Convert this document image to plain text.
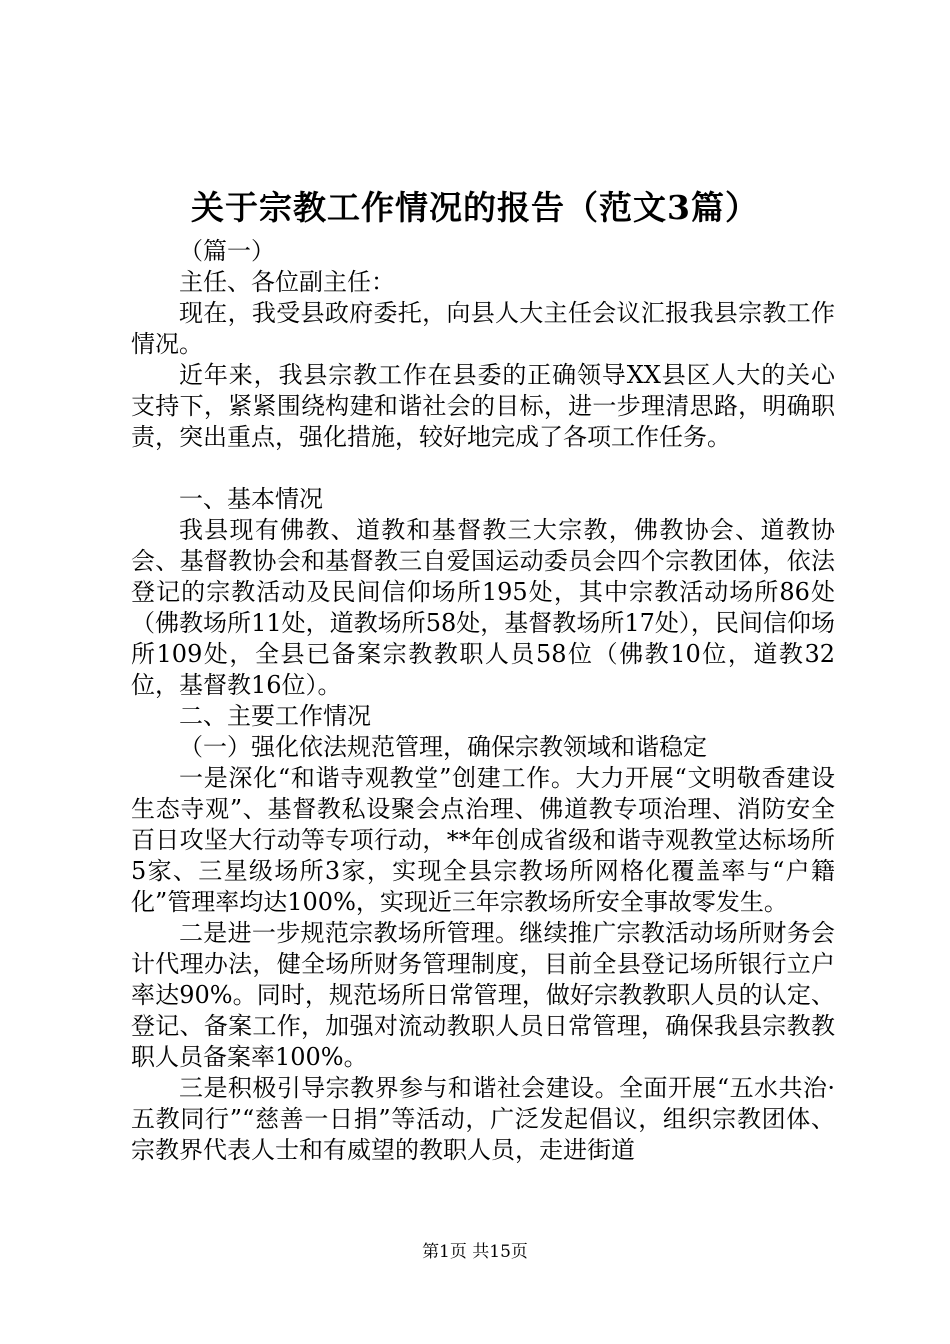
关于宗教工作情况的报告（范文3篇）

（篇一）

主任、各位副主任：

现在，我受县政府委托，向县人大主任会议汇报我县宗教工作情况。

近年来，我县宗教工作在县委的正确领导XX县区人大的关心支持下，紧紧围绕构建和谐社会的目标，进一步理清思路，明确职责，突出重点，强化措施，较好地完成了各项工作任务。

一、基本情况

我县现有佛教、道教和基督教三大宗教，佛教协会、道教协会、基督教协会和基督教三自爱国运动委员会四个宗教团体，依法登记的宗教活动及民间信仰场所195处，其中宗教活动场所86处（佛教场所11处，道教场所58处，基督教场所17处），民间信仰场所109处，全县已备案宗教教职人员58位（佛教10位，道教32位，基督教16位）。

二、主要工作情况

（一）强化依法规范管理，确保宗教领域和谐稳定

一是深化“和谐寺观教堂”创建工作。大力开展“文明敬香建设生态寺观”、基督教私设聚会点治理、佛道教专项治理、消防安全百日攻坚大行动等专项行动，**年创成省级和谐寺观教堂达标场所5家、三星级场所3家，实现全县宗教场所网格化覆盖率与“户籍化”管理率均达100%，实现近三年宗教场所安全事故零发生。

二是进一步规范宗教场所管理。继续推广宗教活动场所财务会计代理办法，健全场所财务管理制度，目前全县登记场所银行立户率达90%。同时，规范场所日常管理，做好宗教教职人员的认定、登记、备案工作，加强对流动教职人员日常管理，确保我县宗教教职人员备案率100%。

三是积极引导宗教界参与和谐社会建设。全面开展“五水共治·五教同行”“慈善一日捐”等活动，广泛发起倡议，组织宗教团体、宗教界代表人士和有威望的教职人员，走进街道

第1页 共15页
